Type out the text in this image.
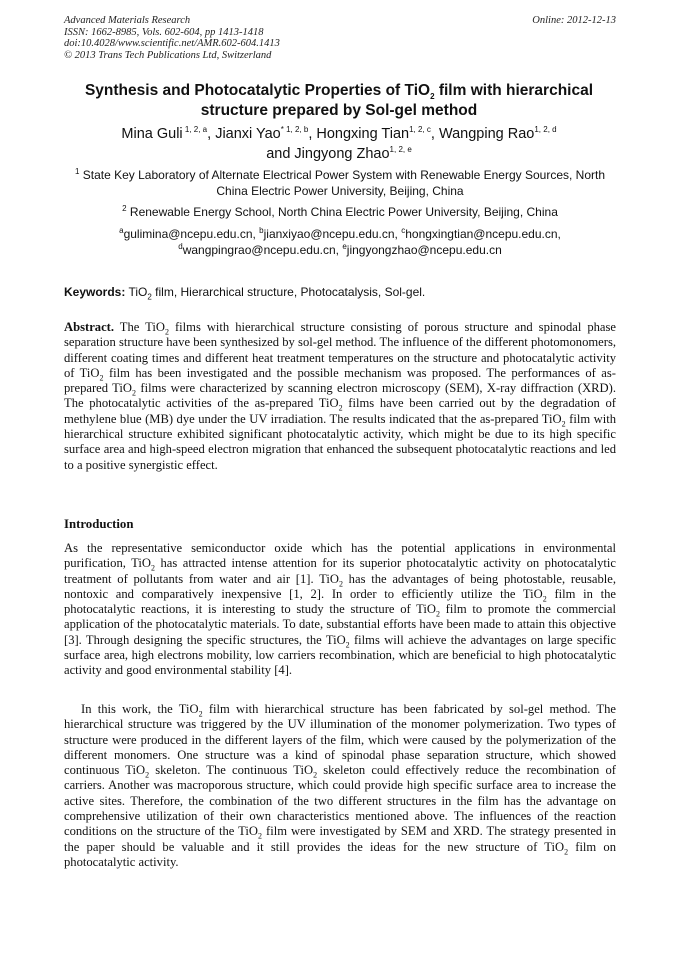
Advanced Materials Research
ISSN: 1662-8985, Vols. 602-604, pp 1413-1418
doi:10.4028/www.scientific.net/AMR.602-604.1413
© 2013 Trans Tech Publications Ltd, Switzerland
Online: 2012-12-13
Synthesis and Photocatalytic Properties of TiO$_2$ film with hierarchical structure prepared by Sol-gel method
Mina Guli $^{1, 2, a}$, Jianxi Yao$^{* 1, 2, b}$, Hongxing Tian$^{1, 2, c}$, Wangping Rao$^{1, 2, d}$
and Jingyong Zhao$^{1, 2, e}$
$^1$ State Key Laboratory of Alternate Electrical Power System with Renewable Energy Sources, North China Electric Power University, Beijing, China
$^2$ Renewable Energy School, North China Electric Power University, Beijing, China
$^a$gulimina@ncepu.edu.cn, $^b$jianxiyao@ncepu.edu.cn, $^c$hongxingtian@ncepu.edu.cn,
$^d$wangpingrao@ncepu.edu.cn, $^e$jingyongzhao@ncepu.edu.cn
Keywords: TiO$_2$ film, Hierarchical structure, Photocatalysis, Sol-gel.

Abstract. The TiO$_2$ films with hierarchical structure consisting of porous structure and spinodal phase separation structure have been synthesized by sol-gel method. The influence of the different photomonomers, different coating times and different heat treatment temperatures on the structure and photocatalytic activity of TiO$_2$ film has been investigated and the possible mechanism was proposed. The performances of as-prepared TiO$_2$ films were characterized by scanning electron microscopy (SEM), X-ray diffraction (XRD). The photocatalytic activities of the as-prepared TiO$_2$ films have been carried out by the degradation of methylene blue (MB) dye under the UV irradiation. The results indicated that the as-prepared TiO$_2$ film with hierarchical structure exhibited significant photocatalytic activity, which might be due to its high specific surface area and high-speed electron migration that enhanced the subsequent photocatalytic reactions and led to a positive synergistic effect.

Introduction

As the representative semiconductor oxide which has the potential applications in environmental purification, TiO$_2$ has attracted intense attention for its superior photocatalytic activity on photocatalytic treatment of pollutants from water and air [1]. TiO$_2$ has the advantages of being photostable, reusable, nontoxic and comparatively inexpensive [1, 2]. In order to efficiently utilize the TiO$_2$ film in the photocatalytic reactions, it is interesting to study the structure of TiO$_2$ film to promote the commercial application of the photocatalytic materials. To date, substantial efforts have been made to attain this objective [3]. Through designing the specific structures, the TiO$_2$ films will achieve the advantages on large specific surface area, high electrons mobility, low carriers recombination, which are beneficial to high photocatalytic activity and good environmental stability [4].

In this work, the TiO$_2$ film with hierarchical structure has been fabricated by sol-gel method. The hierarchical structure was triggered by the UV illumination of the monomer polymerization. Two types of structure were produced in the different layers of the film, which were caused by the polymerization of the different monomers. One structure was a kind of spinodal phase separation structure, which showed continuous TiO$_2$ skeleton. The continuous TiO$_2$ skeleton could effectively reduce the recombination of carriers. Another was macroporous structure, which could provide high specific surface area to increase the active sites. Therefore, the combination of the two different structures in the film has the advantage on comprehensive utilization of their own characteristics mentioned above. The influences of the reaction conditions on the structure of the TiO$_2$ film were investigated by SEM and XRD. The strategy presented in the paper should be valuable and it still provides the ideas for the new structure of TiO$_2$ film on photocatalytic activity.
